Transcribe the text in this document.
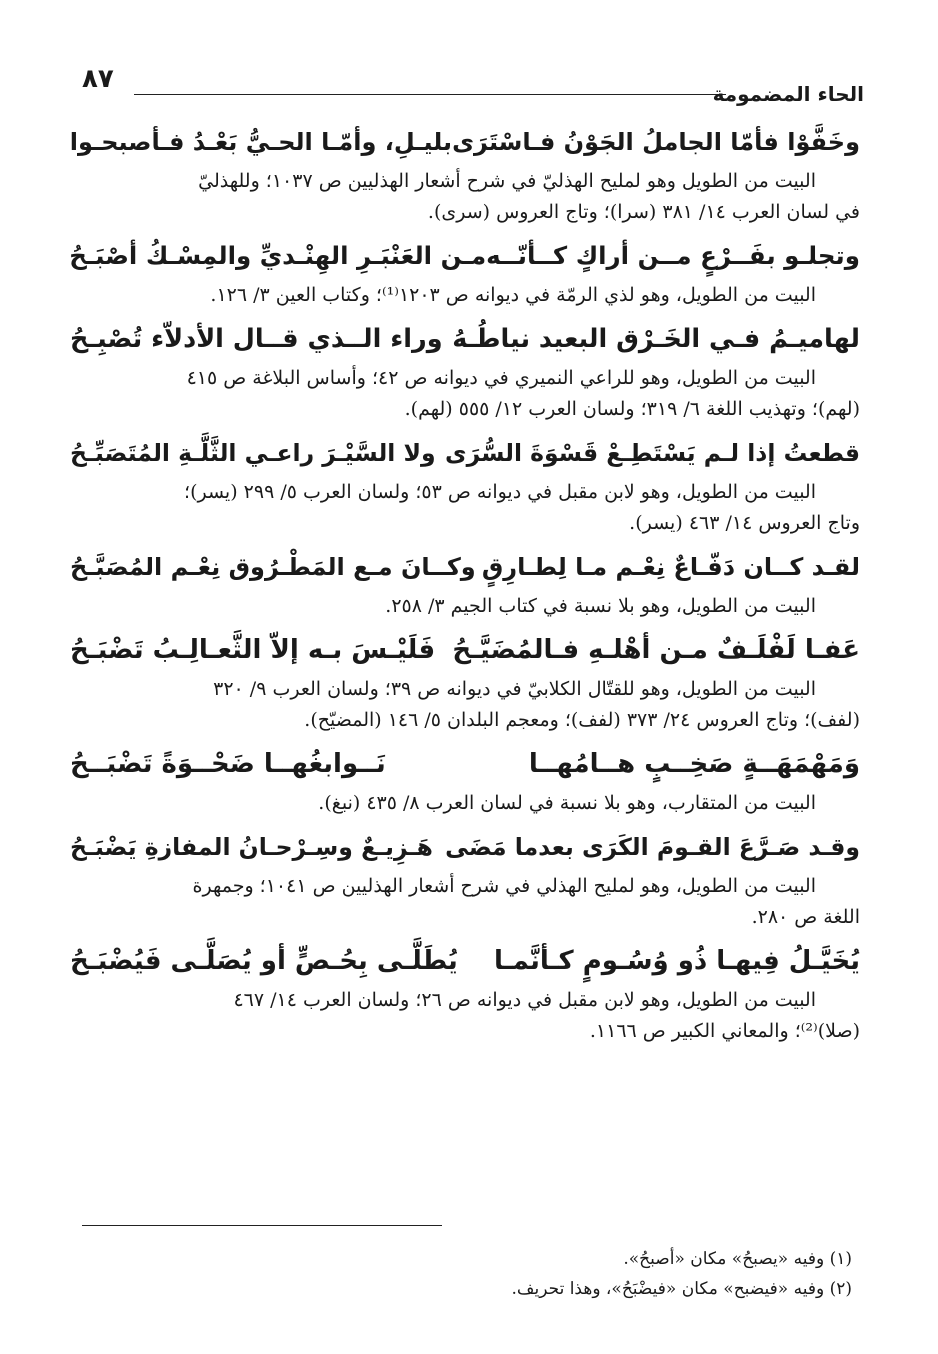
٨٧	الحاء المضمومة
وخَفَّوْا فأمّا الجاملُ الجَوْنُ فـاسْتَرَى
بليـلِ، وأمّـا الحـيُّ بَعْـدُ فـأصبحـوا
البيت من الطويل وهو لمليح الهذليّ في شرح أشعار الهذليين ص ١٠٣٧؛ وللهذليّ
في لسان العرب ١٤/ ٣٨١ (سرا)؛ وتاج العروس (سرى).
وتجلـو بفَــرْعٍ مــن أراكٍ كــأنّــه
مـن العَنْبَـرِ الهِنْـديِّ والمِسْـكُ أصْبَـحُ
البيت من الطويل، وهو لذي الرمّة في ديوانه ص ١٢٠٣⁽¹⁾؛ وكتاب العين ٣/ ١٢٦.
لهاميـمُ فـي الخَـرْق البعيد نياطُـهُ
وراء الــذي قــال الأدلاّء تُصْبِـحُ
البيت من الطويل، وهو للراعي النميري في ديوانه ص ٤٢؛ وأساس البلاغة ص ٤١٥
(لهم)؛ وتهذيب اللغة ٦/ ٣١٩؛ ولسان العرب ١٢/ ٥٥٥ (لهم).
قطعتُ إذا لـم يَسْتَطِـعْ قَسْوَةَ السُّرَى
ولا السَّيْـرَ راعـي الثَّلَّـةِ المُتَصَبِّـحُ
البيت من الطويل، وهو لابن مقبل في ديوانه ص ٥٣؛ ولسان العرب ٥/ ٢٩٩ (يسر)؛
وتاج العروس ١٤/ ٤٦٣ (يسر).
لقـد كــان دَفّـاعٌ نِعْـم مـا لِطـارِقٍ
وكــانَ مـع المَطْـرُوق نِعْـم المُصَبَّـحُ
البيت من الطويل، وهو بلا نسبة في كتاب الجيم ٣/ ٢٥٨.
عَفـا لَفْلَـفٌ مـن أهْلـهِ فـالمُضَيَّـحُ
فَلَيْـسَ بـه إلاّ الثَّعـالِـبُ تَضْبَـحُ
البيت من الطويل، وهو للقتّال الكلابيّ في ديوانه ص ٣٩؛ ولسان العرب ٩/ ٣٢٠
(لفف)؛ وتاج العروس ٢٤/ ٣٧٣ (لفف)؛ ومعجم البلدان ٥/ ١٤٦ (المضيّح).
وَمَهْمَهَــةٍ صَخِــبٍ هــامُهــا
نَــوابغُهــا ضَحْــوَةً تَضْبَــحُ
البيت من المتقارب، وهو بلا نسبة في لسان العرب ٨/ ٤٣٥ (نبغ).
وقـد صَـرَّعَ القـومَ الكَرَى بعدما مَضَى
هَـزِيـعٌ وسِـرْحـانُ المفازةِ يَضْبَـحُ
البيت من الطويل، وهو لمليح الهذلي في شرح أشعار الهذليين ص ١٠٤١؛ وجمهرة
اللغة ص ٢٨٠.
يُخَيَّـلُ فِيهـا ذُو وُسُـومٍ كـأنَّمـا
يُطَلَّـى بِحُـصٍّ أو يُصَلَّـى فَيُضْبَـحُ
البيت من الطويل، وهو لابن مقبل في ديوانه ص ٢٦؛ ولسان العرب ١٤/ ٤٦٧
(صلا)⁽²⁾؛ والمعاني الكبير ص ١١٦٦.
(١) وفيه «يصبحُ» مكان «أصبحُ».
(٢) وفيه «فيضبح» مكان «فيضْبَحُ»، وهذا تحريف.
